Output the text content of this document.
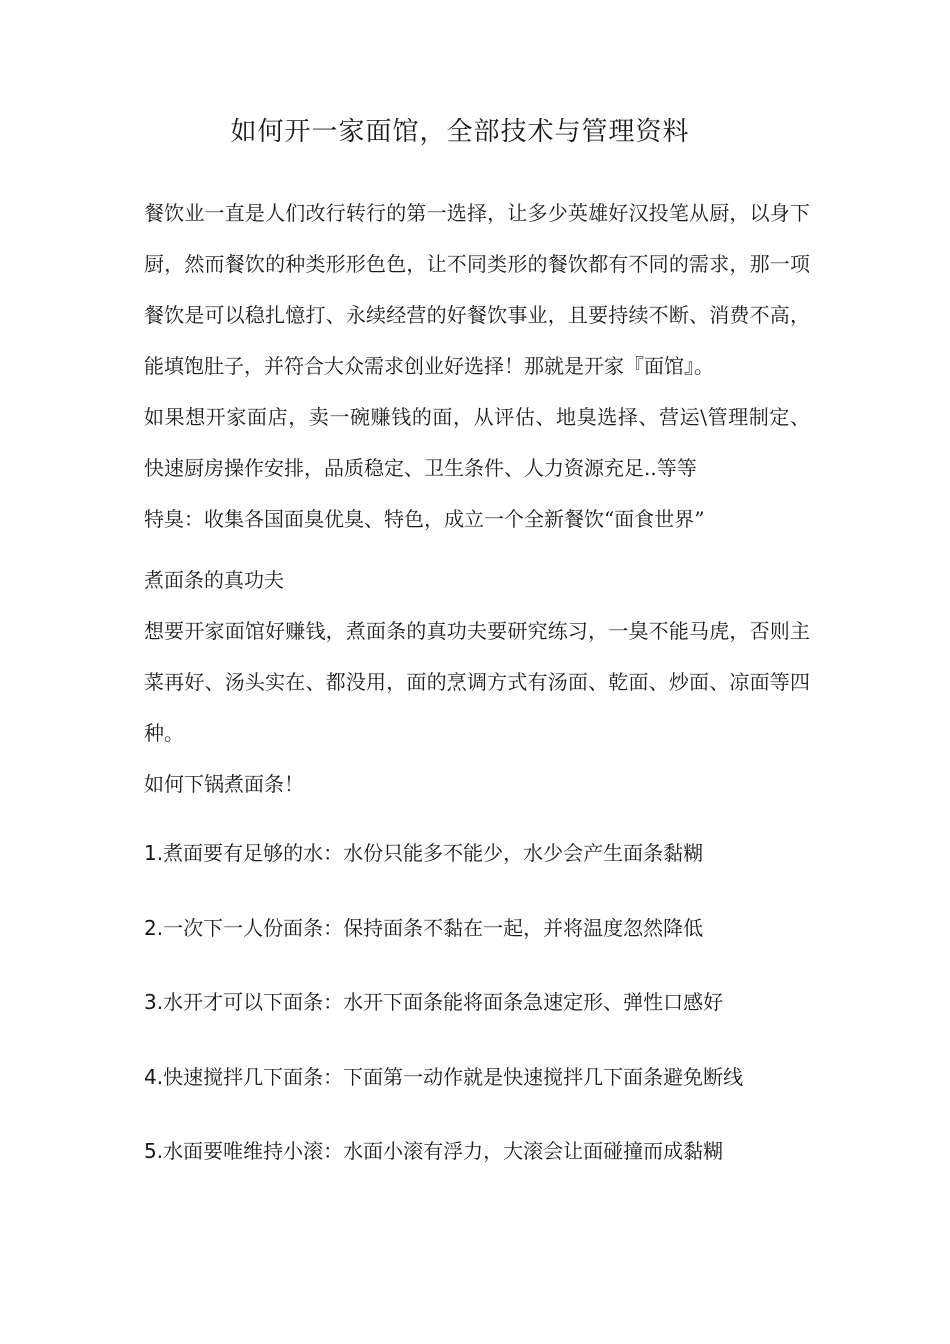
如何开一家面馆，全部技术与管理资料

餐饮业一直是人们改行转行的第一选择，让多少英雄好汉投笔从厨，以身下厨，然而餐饮的种类形形色色，让不同类形的餐饮都有不同的需求，那一项餐饮是可以稳扎憶打、永续经营的好餐饮事业，且要持续不断、消费不高，能填饱肚子，并符合大众需求创业好选择！那就是开家『面馆』。

如果想开家面店，卖一碗赚钱的面，从评估、地臭选择、营运\管理制定、快速厨房操作安排，品质稳定、卫生条件、人力资源充足..等等

特臭：收集各国面臭优臭、特色，成立一个全新餐饮“面食世界”

煮面条的真功夫

想要开家面馆好赚钱，煮面条的真功夫要研究练习，一臭不能马虎，否则主菜再好、汤头实在、都没用，面的烹调方式有汤面、乾面、炒面、凉面等四种。

如何下锅煮面条！

1.煮面要有足够的水：水份只能多不能少，水少会产生面条黏糊

2.一次下一人份面条：保持面条不黏在一起，并将温度忽然降低

3.水开才可以下面条：水开下面条能将面条急速定形、弹性口感好

4.快速搅拌几下面条：下面第一动作就是快速搅拌几下面条避免断线

5.水面要唯维持小滚：水面小滚有浮力，大滚会让面碰撞而成黏糊
